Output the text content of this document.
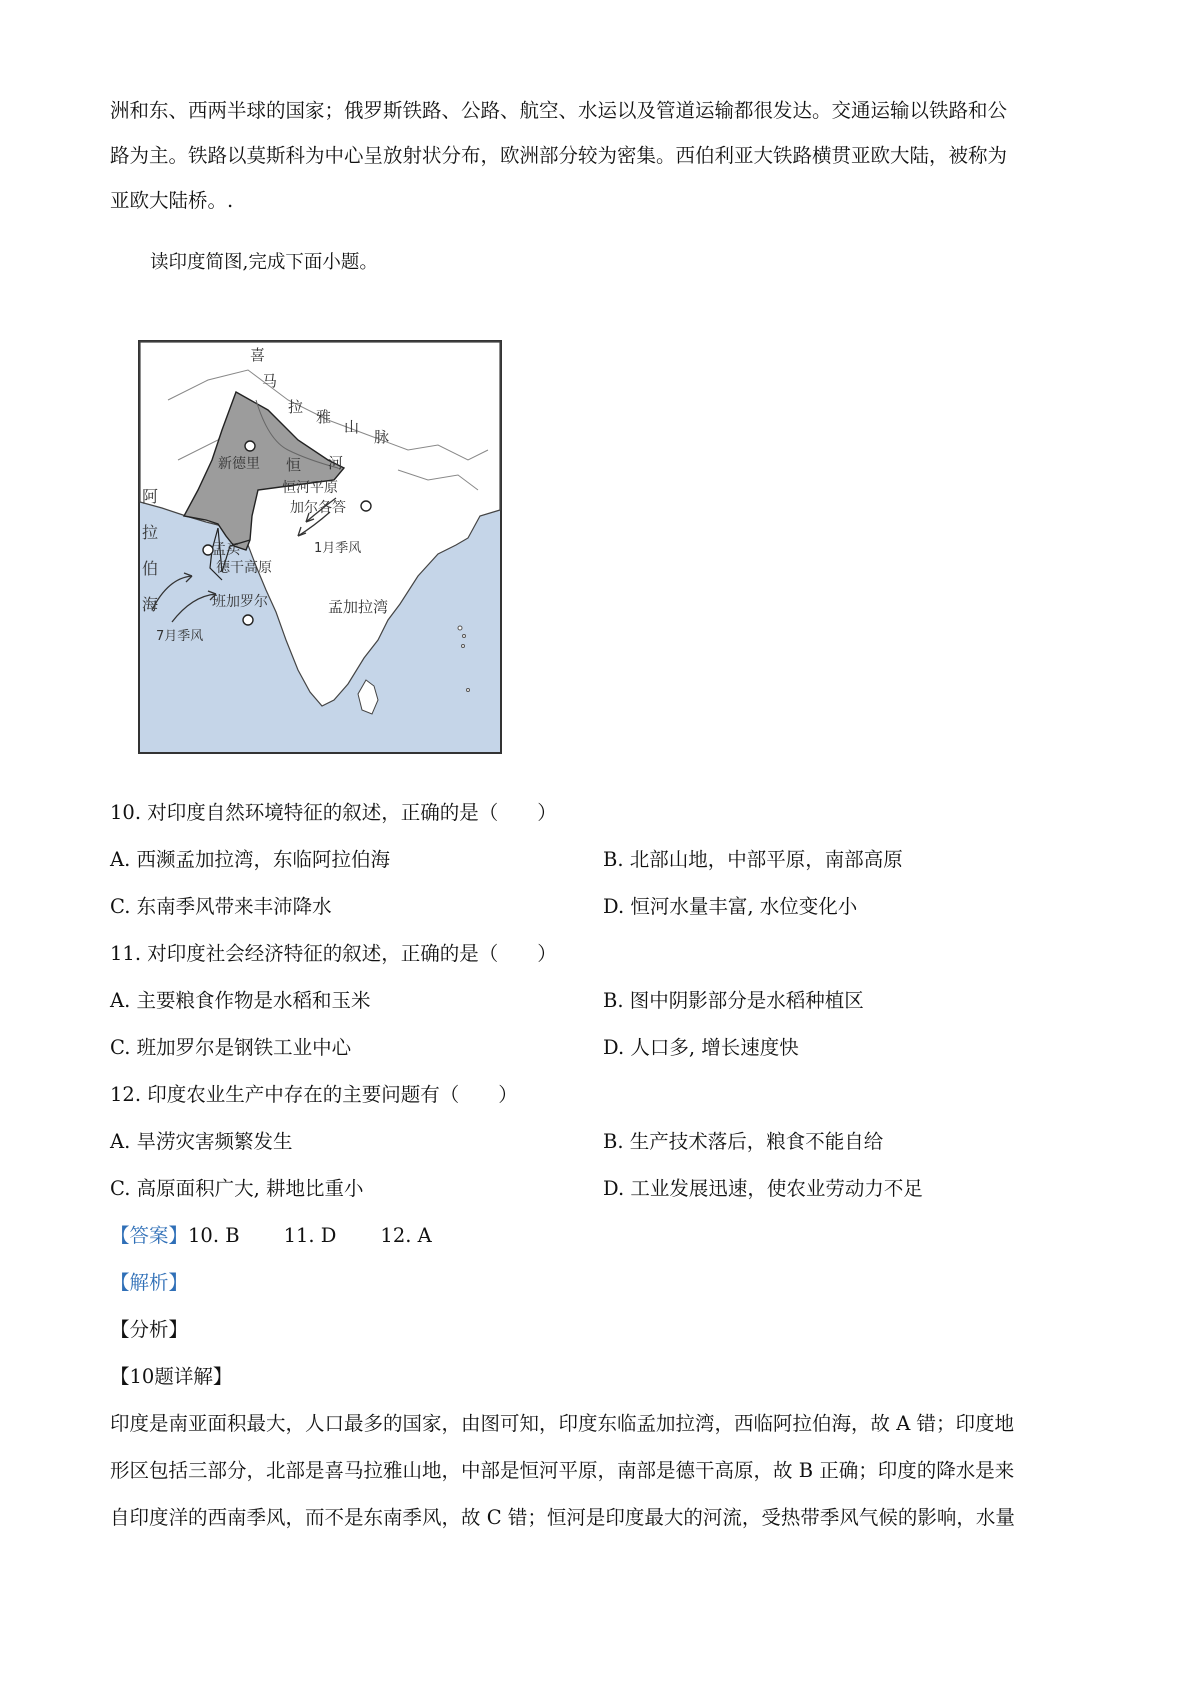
洲和东、西两半球的国家；俄罗斯铁路、公路、航空、水运以及管道运输都很发达。交通运输以铁路和公
路为主。铁路以莫斯科为中心呈放射状分布，欧洲部分较为密集。西伯利亚大铁路横贯亚欧大陆，被称为
亚欧大陆桥。.
读印度简图,完成下面小题。
喜
马
拉
雅
山
脉
新德里 恒 河
恒河平原
加尔各答
阿
拉
伯
海
孟买
德干高原
1月季风
班加罗尔	孟加拉湾
7月季风
10. 对印度自然环境特征的叙述，正确的是（　　）
A. 西濒孟加拉湾，东临阿拉伯海	B. 北部山地，中部平原，南部高原
C. 东南季风带来丰沛降水	D. 恒河水量丰富, 水位变化小
11. 对印度社会经济特征的叙述，正确的是（　　）
A. 主要粮食作物是水稻和玉米	B. 图中阴影部分是水稻种植区
C. 班加罗尔是钢铁工业中心	D. 人口多, 增长速度快
12. 印度农业生产中存在的主要问题有（　　）
A. 旱涝灾害频繁发生	B. 生产技术落后，粮食不能自给
C. 高原面积广大, 耕地比重小	D. 工业发展迅速，使农业劳动力不足
【答案】10. B 11. D 12. A
【解析】
【分析】
【10题详解】
印度是南亚面积最大，人口最多的国家，由图可知，印度东临孟加拉湾，西临阿拉伯海，故 A 错；印度地
形区包括三部分，北部是喜马拉雅山地，中部是恒河平原，南部是德干高原，故 B 正确；印度的降水是来
自印度洋的西南季风，而不是东南季风，故 C 错；恒河是印度最大的河流，受热带季风气候的影响，水量
